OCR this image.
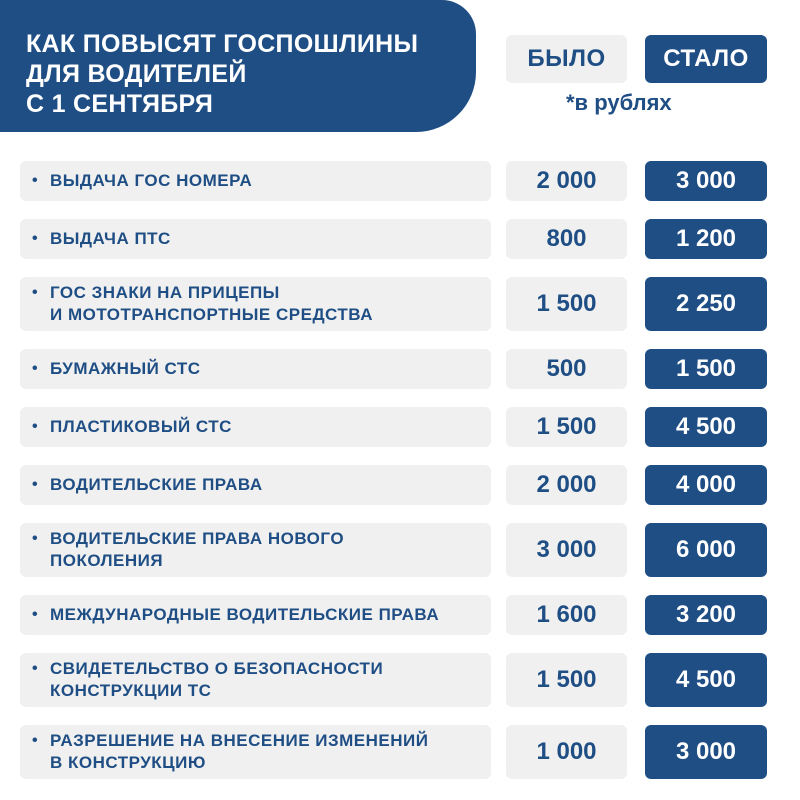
КАК ПОВЫСЯТ ГОСПОШЛИНЫ
ДЛЯ ВОДИТЕЛЕЙ
С 1 СЕНТЯБРЯ
БЫЛО	СТАЛО
*в рублях
• ВЫДАЧА ГОС НОМЕРА	2 000	3 000
• ВЫДАЧА ПТС	800	1 200
• ГОС ЗНАКИ НА ПРИЦЕПЫ
И МОТОТРАНСПОРТНЫЕ СРЕДСТВА	1 500	2 250
• БУМАЖНЫЙ СТС	500	1 500
• ПЛАСТИКОВЫЙ СТС	1 500	4 500
• ВОДИТЕЛЬСКИЕ ПРАВА	2 000	4 000
• ВОДИТЕЛЬСКИЕ ПРАВА НОВОГО
ПОКОЛЕНИЯ	3 000	6 000
• МЕЖДУНАРОДНЫЕ ВОДИТЕЛЬСКИЕ ПРАВА	1 600	3 200
• СВИДЕТЕЛЬСТВО О БЕЗОПАСНОСТИ
КОНСТРУКЦИИ ТС	1 500	4 500
• РАЗРЕШЕНИЕ НА ВНЕСЕНИЕ ИЗМЕНЕНИЙ
В КОНСТРУКЦИЮ	1 000	3 000
